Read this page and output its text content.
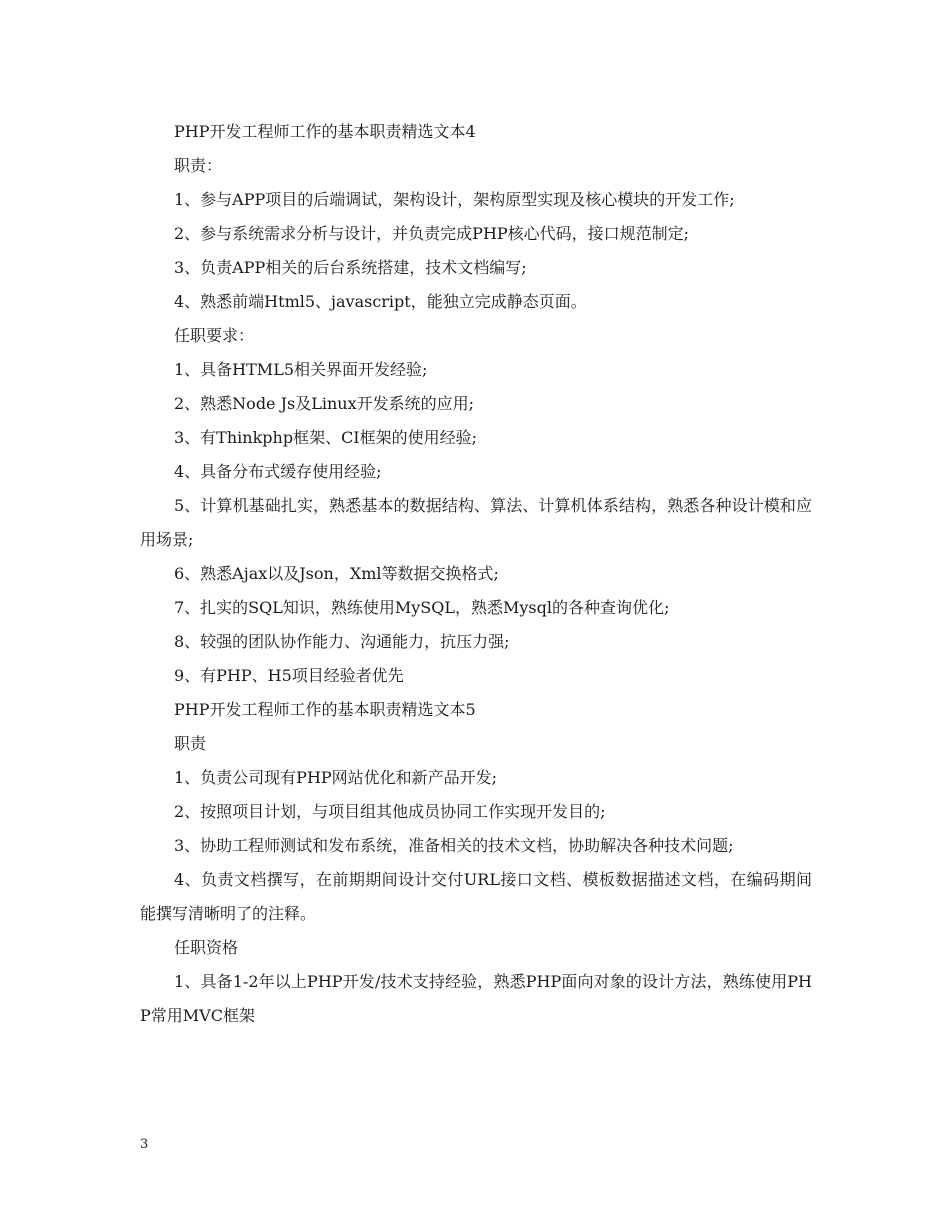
PHP开发工程师工作的基本职责精选文本4

职责：

1、参与APP项目的后端调试，架构设计，架构原型实现及核心模块的开发工作;

2、参与系统需求分析与设计，并负责完成PHP核心代码，接口规范制定;

3、负责APP相关的后台系统搭建，技术文档编写;

4、熟悉前端Html5、javascript，能独立完成静态页面。

任职要求：

1、具备HTML5相关界面开发经验;

2、熟悉Node Js及Linux开发系统的应用;

3、有Thinkphp框架、CI框架的使用经验;

4、具备分布式缓存使用经验;

5、计算机基础扎实，熟悉基本的数据结构、算法、计算机体系结构，熟悉各种设计模和应用场景;

6、熟悉Ajax以及Json，Xml等数据交换格式;

7、扎实的SQL知识，熟练使用MySQL，熟悉Mysql的各种查询优化;

8、较强的团队协作能力、沟通能力，抗压力强;

9、有PHP、H5项目经验者优先

PHP开发工程师工作的基本职责精选文本5

职责

1、负责公司现有PHP网站优化和新产品开发;

2、按照项目计划，与项目组其他成员协同工作实现开发目的;

3、协助工程师测试和发布系统，准备相关的技术文档，协助解决各种技术问题;

4、负责文档撰写，在前期期间设计交付URL接口文档、模板数据描述文档，在编码期间能撰写清晰明了的注释。

任职资格

1、具备1-2年以上PHP开发/技术支持经验，熟悉PHP面向对象的设计方法，熟练使用PHP常用MVC框架

3
